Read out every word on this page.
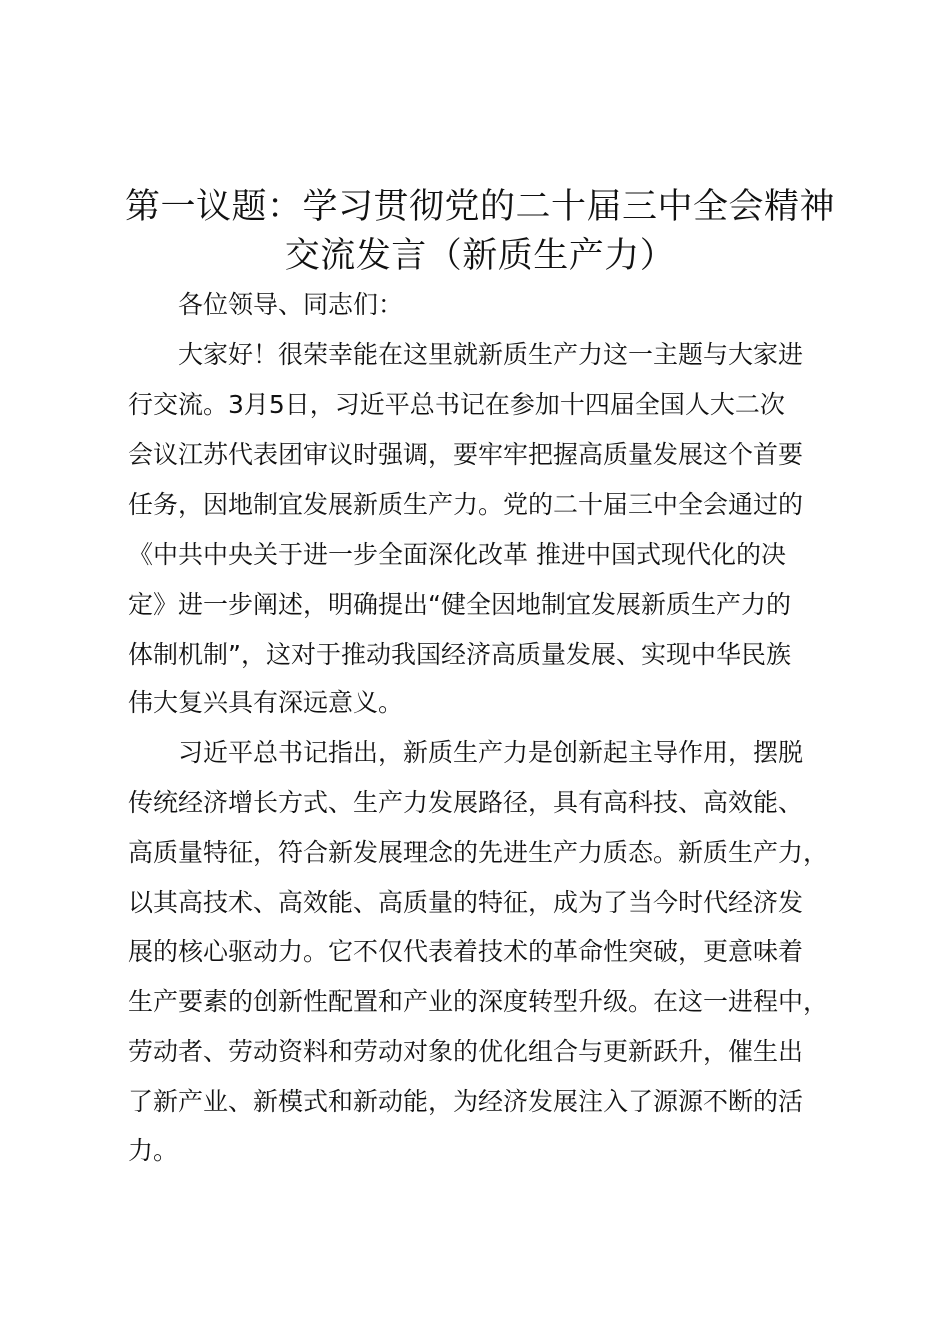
第一议题：学习贯彻党的二十届三中全会精神
交流发言（新质生产力）
各位领导、同志们：
大家好！很荣幸能在这里就新质生产力这一主题与大家进
行交流。3月5日，习近平总书记在参加十四届全国人大二次
会议江苏代表团审议时强调，要牢牢把握高质量发展这个首要
任务，因地制宜发展新质生产力。党的二十届三中全会通过的
《中共中央关于进一步全面深化改革 推进中国式现代化的决
定》进一步阐述，明确提出“健全因地制宜发展新质生产力的
体制机制”，这对于推动我国经济高质量发展、实现中华民族
伟大复兴具有深远意义。
习近平总书记指出，新质生产力是创新起主导作用，摆脱
传统经济增长方式、生产力发展路径，具有高科技、高效能、
高质量特征，符合新发展理念的先进生产力质态。新质生产力，
以其高技术、高效能、高质量的特征，成为了当今时代经济发
展的核心驱动力。它不仅代表着技术的革命性突破，更意味着
生产要素的创新性配置和产业的深度转型升级。在这一进程中，
劳动者、劳动资料和劳动对象的优化组合与更新跃升，催生出
了新产业、新模式和新动能，为经济发展注入了源源不断的活
力。
